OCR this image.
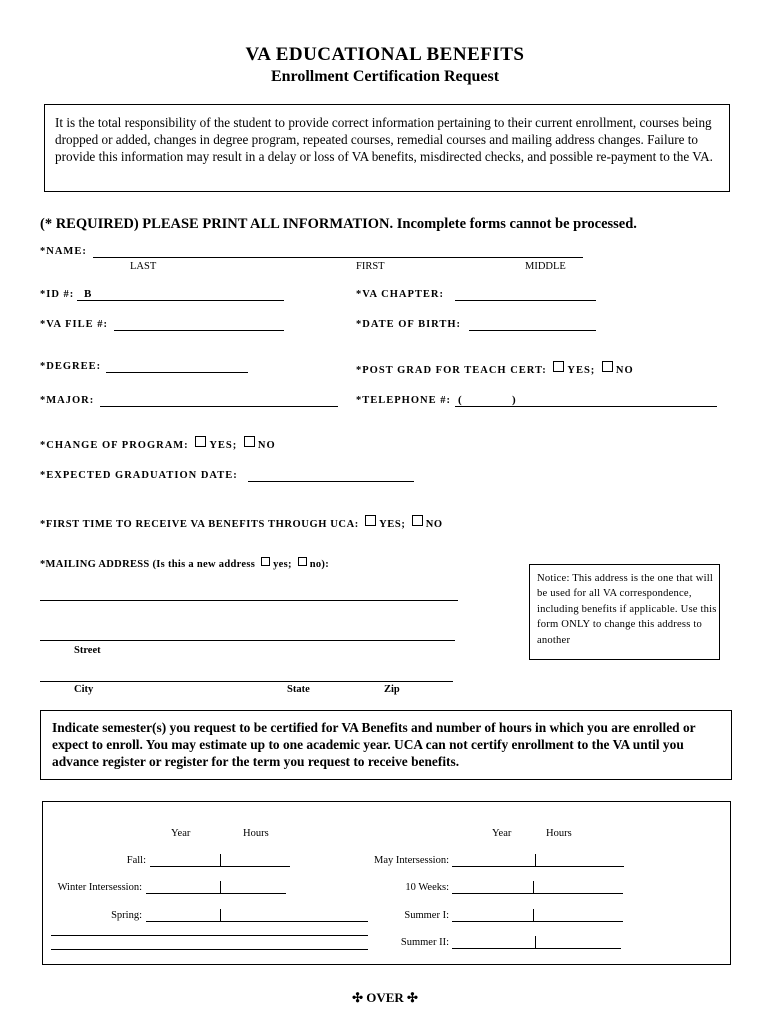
VA EDUCATIONAL BENEFITS
Enrollment Certification Request
It is the total responsibility of the student to provide correct information pertaining to their current enrollment, courses being dropped or added, changes in degree program, repeated courses, remedial courses and mailing address changes. Failure to provide this information may result in a delay or loss of VA benefits, misdirected checks, and possible re-payment to the VA.
(* REQUIRED) PLEASE PRINT ALL INFORMATION. Incomplete forms cannot be processed.
*NAME:
LAST	FIRST	MIDDLE
*ID #: B	*VA CHAPTER:
*VA FILE #:	*DATE OF BIRTH:
*DEGREE:	*POST GRAD FOR TEACH CERT: YES; NO
*MAJOR:	*TELEPHONE #: (	)
*CHANGE OF PROGRAM: YES; NO
*EXPECTED GRADUATION DATE:
*FIRST TIME TO RECEIVE VA BENEFITS THROUGH UCA: YES; NO
*MAILING ADDRESS (Is this a new address yes; no):
Street
City	State	Zip
Notice: This address is the one that will be used for all VA correspondence, including benefits if applicable. Use this form ONLY to change this address to another
Indicate semester(s) you request to be certified for VA Benefits and number of hours in which you are enrolled or expect to enroll. You may estimate up to one academic year. UCA can not certify enrollment to the VA until you advance register or register for the term you request to receive benefits.
Year	Hours	Year	Hours
Fall:
Winter Intersession:
Spring:
May Intersession:
10 Weeks:
Summer I:
Summer II:
✣ OVER ✣
